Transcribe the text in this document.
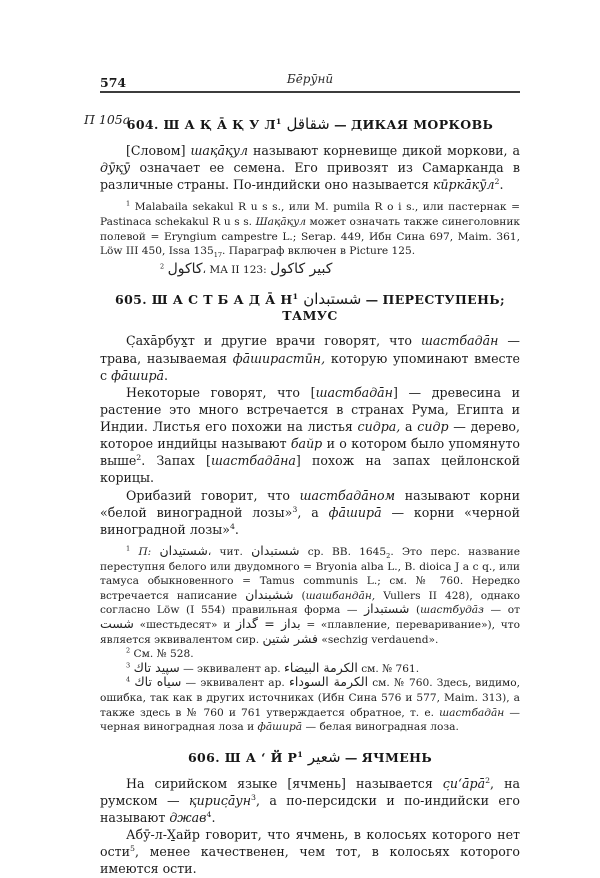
574	Бе̄рӯнӣ
604. Ш А Қ А̄ Қ У $Л^1$ شقاقل — ДИКАЯ МОРКОВЬ

[Словом] шақа̄қул называют корневище дикой моркови, а дӯқӯ означает ее семена. Его привозят из Самарканда в различные страны. По-индийски оно называется кӣрка̄кӯл$^2$.

$^1$ Malabaila sekakul R u s s., или M. pumila R o i s., или пастернак = Pastinaca schekakul R u s s. Шақа̄қул может означать также синеголовник полевой = Eryngium campestre L.; Serap. 449, Ибн Сина 697, Maim. 361, Löw III 450, Issa $135_{17}$. Параграф включен в Picture 125.

$^2$ كاكول، MA II 123: كبير كاكول

605. Ш А С Т Б А Д А̄ $Н^1$ شستبدان — ПЕРЕСТУПЕНЬ; ТАМУС

С̣аха̄рбух̱т и другие врачи говорят, что шастбада̄н — трава, называемая фа̄ширастӣн, которую упоминают вместе с фа̄шира̄.

Некоторые говорят, что [шастбада̄н] — древесина и растение это много встречается в странах Рума, Египта и Индии. Листья его похожи на листья сидра, а сидр — дерево, которое индийцы называют байр и о котором было упомянуто выше$^2$. Запах [шастбада̄на] похож на запах цейлонской корицы.

Орибазий говорит, что шастбада̄ном называют корни «белой виноградной лозы»$^3$, а фа̄шира̄ — корни «черной виноградной лозы»$^4$.

$^1$ П: شستيدان، чит. شستبدان ср. BB. $1645_2$. Это перс. название переступня белого или двудомного = Bryonia alba L., B. dioica J a c q., или тамуса обыкновенного = Tamus communis L.; см. № 760. Нередко встречается написание ششبندان (шашбанда̄н, Vullers II 428), однако согласно Löw (I 554) правильная форма — شستبداز (шастбуда̄з — от شست «шестьдесят» и بداز = گداز = «плавление, переваривание»), что является эквивалентом сир. فشر شتين «sechzig verdauend».

$^2$ См. № 528.

$^3$ سپيد تاك — эквивалент ар. الكرمة البيضاء см. № 761.

$^4$ سياه تاك — эквивалент ар. الكرمة السوداء см. № 760. Здесь, видимо, ошибка, так как в других источниках (Ибн Сина 576 и 577, Maim. 313), а также здесь в № 760 и 761 утверждается обратное, т. е. шастбада̄н — черная виноградная лоза и фа̄шира̄ — белая виноградная лоза.

606. Ш А ‘ Й $Р^1$ شعير — ЯЧМЕНЬ

На сирийском языке [ячмень] называется с̣и‘а̄ра̄$^2$, на румском — $қирис̣а̄ун^3$, а по-персидски и по-индийски его называют джав$^4$.

Абӯ-л-Х̱айр говорит, что ячмень, в колосьях которого нет ости$^5$, менее качественен, чем тот, в колосьях которого имеются ости.

П 105а
